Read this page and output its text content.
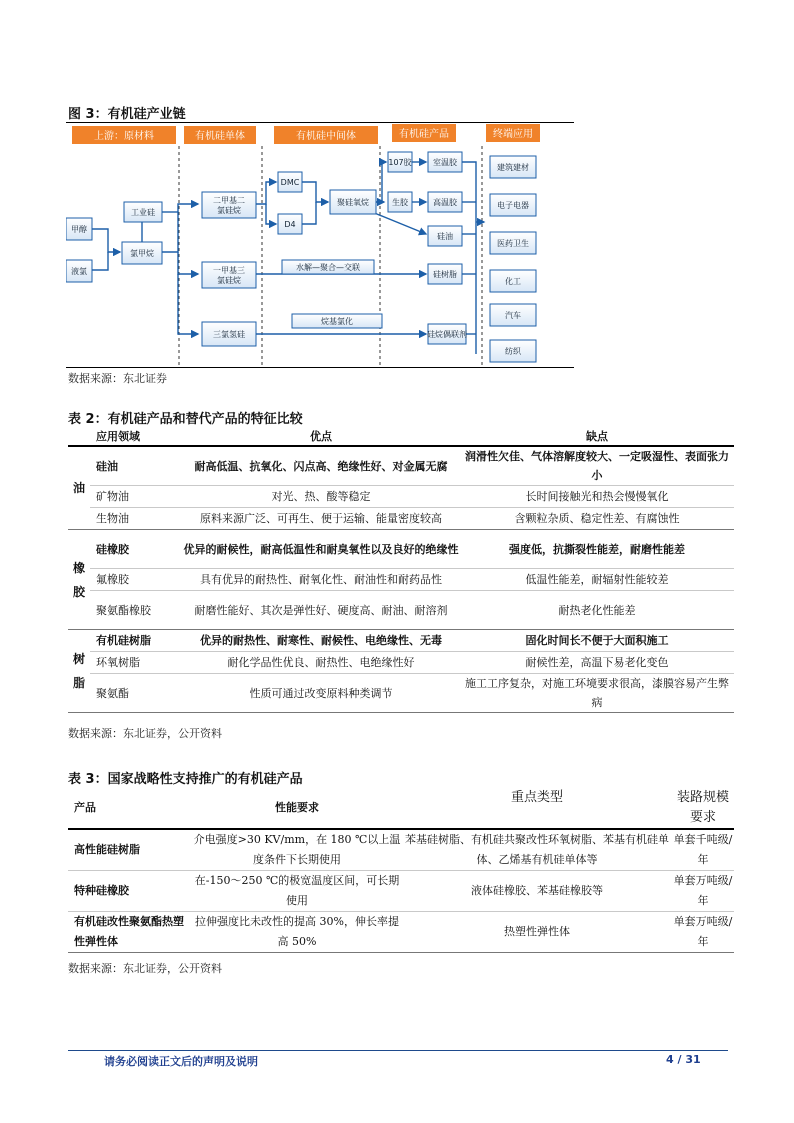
图 3：有机硅产业链
上游：原材料	有机硅单体	有机硅中间体	有机硅产品	终端应用
甲醇
液氯
工业硅
氯甲烷
二甲基二
氯硅烷
一甲基三
氯硅烷
三氯氢硅
DMC
D4
聚硅氧烷
107胶
生胶
室温胶
高温胶
硅油
硅树脂
硅烷偶联剂
水解—聚合—交联
烷基氯化
建筑建材
电子电器
医药卫生
化工
汽车
纺织
数据来源：东北证券
表 2：有机硅产品和替代产品的特征比较
	应用领域	优点	缺点
油	硅油	耐高低温、抗氧化、闪点高、绝缘性好、对金属无腐	润滑性欠佳、气体溶解度较大、一定吸湿性、表面张力小
	矿物油	对光、热、酸等稳定	长时间接触光和热会慢慢氧化
	生物油	原料来源广泛、可再生、便于运输、能量密度较高	含颗粒杂质、稳定性差、有腐蚀性
橡胶	硅橡胶	优异的耐候性，耐高低温性和耐臭氧性以及良好的绝缘性	强度低，抗撕裂性能差，耐磨性能差
	氟橡胶	具有优异的耐热性、耐氧化性、耐油性和耐药品性	低温性能差，耐辐射性能较差
	聚氨酯橡胶	耐磨性能好、其次是弹性好、硬度高、耐油、耐溶剂	耐热老化性能差
树脂	有机硅树脂	优异的耐热性、耐寒性、耐候性、电绝缘性、无毒	固化时间长不便于大面积施工
	环氧树脂	耐化学品性优良、耐热性、电绝缘性好	耐候性差，高温下易老化变色
	聚氨酯	性质可通过改变原料种类调节	施工工序复杂，对施工环境要求很高，漆膜容易产生弊病
数据来源：东北证券，公开资料
表 3：国家战略性支持推广的有机硅产品
产品	性能要求	重点类型	装路规模要求
高性能硅树脂	介电强度>30 KV/mm，在 180 ℃以上温度条件下长期使用	苯基硅树脂、有机硅共聚改性环氧树脂、苯基有机硅单体、乙烯基有机硅单体等	单套千吨级/年
特种硅橡胶	在-150～250 ℃的极宽温度区间，可长期使用	液体硅橡胶、苯基硅橡胶等	单套万吨级/年
有机硅改性聚氨酯热塑性弹性体	拉伸强度比未改性的提高 30%，伸长率提高 50%	热塑性弹性体	单套万吨级/年
数据来源：东北证券，公开资料
请务必阅读正文后的声明及说明	4 / 31
